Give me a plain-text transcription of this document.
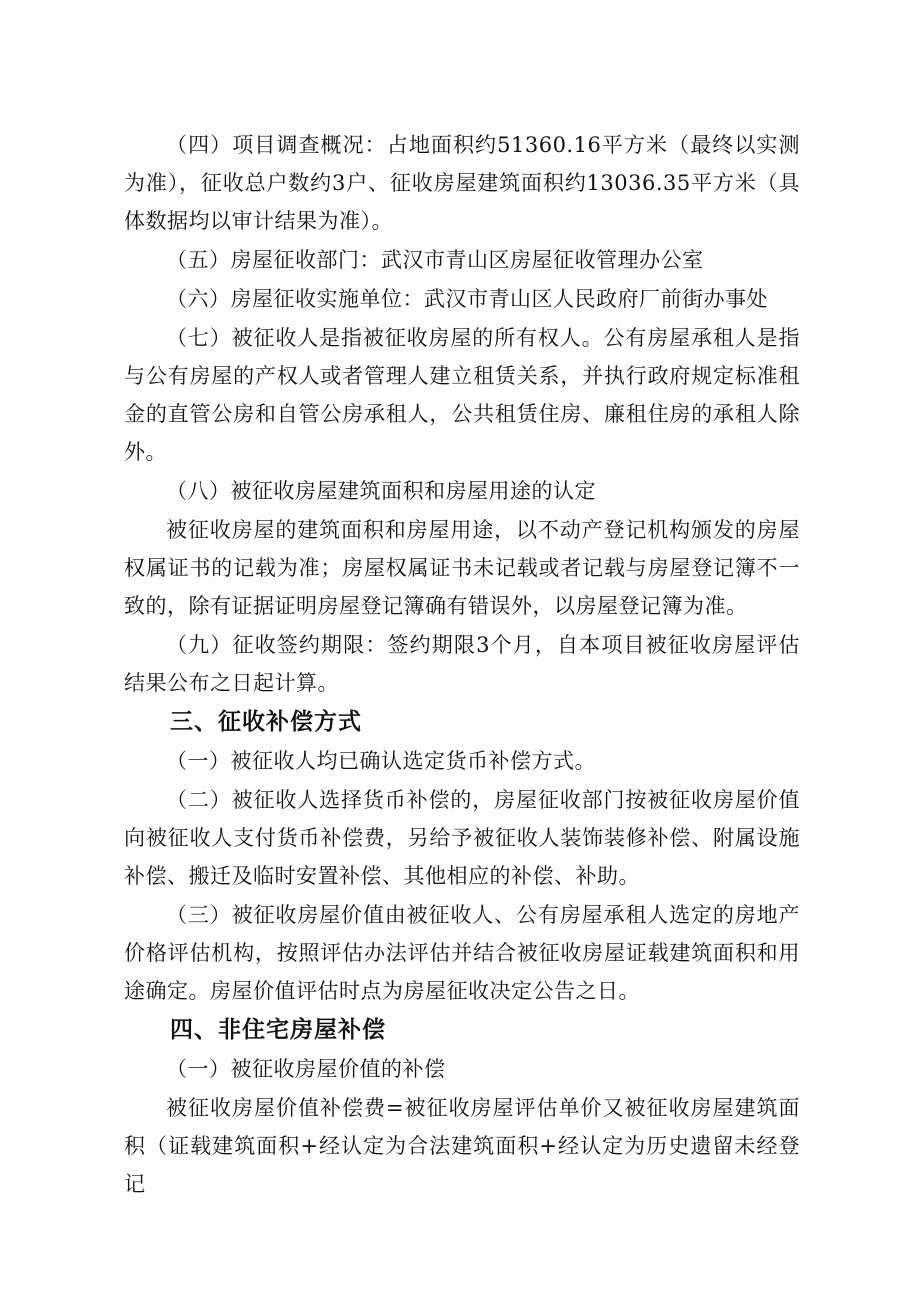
（四）项目调查概况：占地面积约51360.16平方米（最终以实测为准），征收总户数约3户、征收房屋建筑面积约13036.35平方米（具体数据均以审计结果为准）。

（五）房屋征收部门：武汉市青山区房屋征收管理办公室

（六）房屋征收实施单位：武汉市青山区人民政府厂前街办事处

（七）被征收人是指被征收房屋的所有权人。公有房屋承租人是指与公有房屋的产权人或者管理人建立租赁关系，并执行政府规定标准租金的直管公房和自管公房承租人，公共租赁住房、廉租住房的承租人除外。

（八）被征收房屋建筑面积和房屋用途的认定

被征收房屋的建筑面积和房屋用途，以不动产登记机构颁发的房屋权属证书的记载为准；房屋权属证书未记载或者记载与房屋登记簿不一致的，除有证据证明房屋登记簿确有错误外，以房屋登记簿为准。

（九）征收签约期限：签约期限3个月，自本项目被征收房屋评估结果公布之日起计算。

三、征收补偿方式

（一）被征收人均已确认选定货币补偿方式。

（二）被征收人选择货币补偿的，房屋征收部门按被征收房屋价值向被征收人支付货币补偿费，另给予被征收人装饰装修补偿、附属设施补偿、搬迁及临时安置补偿、其他相应的补偿、补助。

（三）被征收房屋价值由被征收人、公有房屋承租人选定的房地产价格评估机构，按照评估办法评估并结合被征收房屋证载建筑面积和用途确定。房屋价值评估时点为房屋征收决定公告之日。

四、非住宅房屋补偿

（一）被征收房屋价值的补偿

被征收房屋价值补偿费=被征收房屋评估单价又被征收房屋建筑面积（证载建筑面积+经认定为合法建筑面积+经认定为历史遗留未经登记
